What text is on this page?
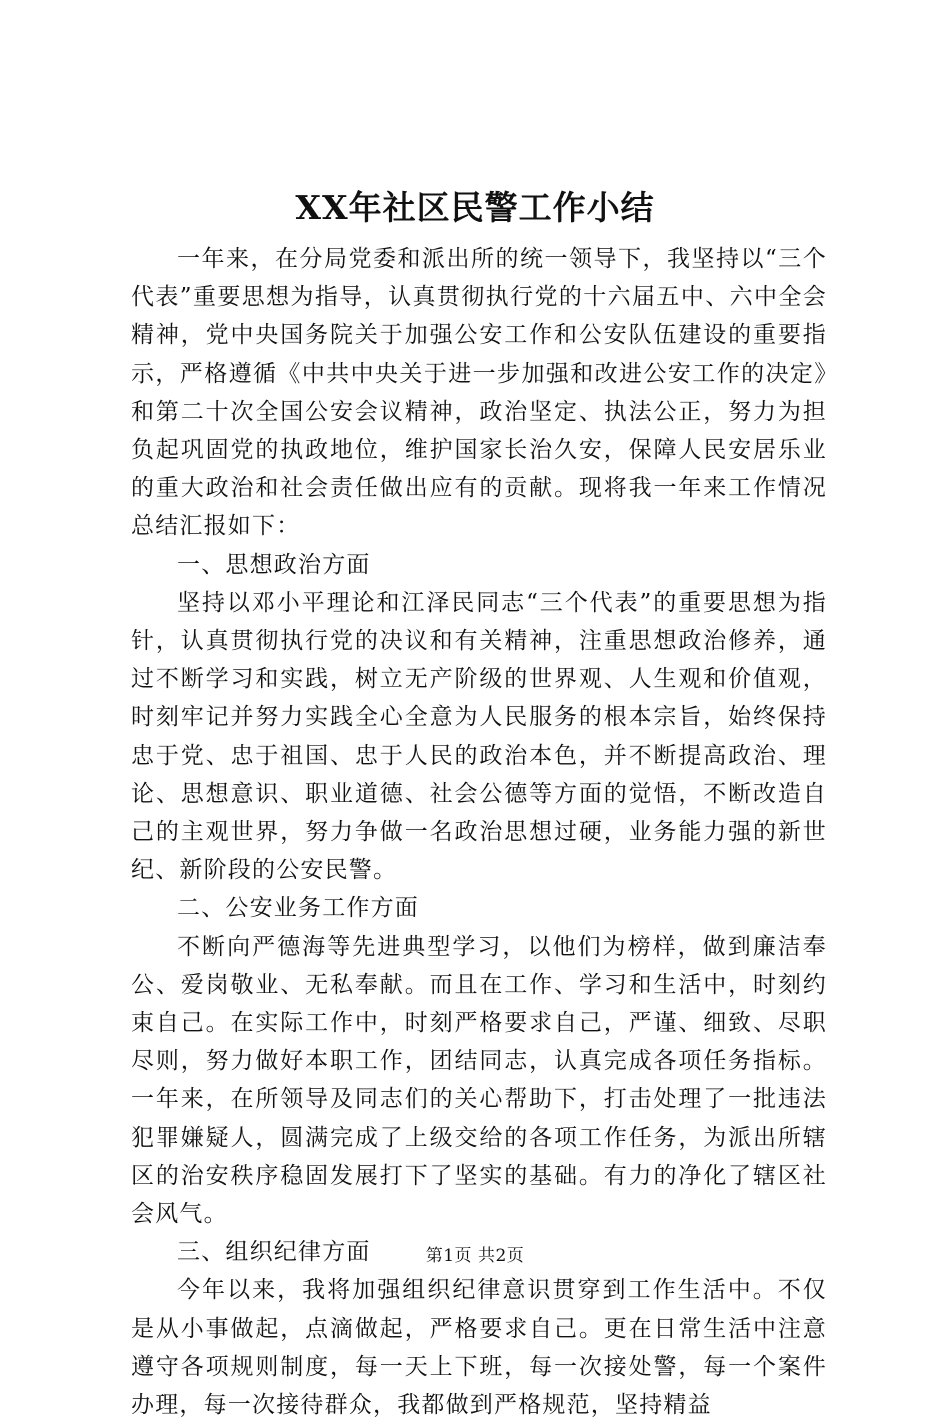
XX年社区民警工作小结

一年来，在分局党委和派出所的统一领导下，我坚持以“三个代表”重要思想为指导，认真贯彻执行党的十六届五中、六中全会精神，党中央国务院关于加强公安工作和公安队伍建设的重要指示，严格遵循《中共中央关于进一步加强和改进公安工作的决定》和第二十次全国公安会议精神，政治坚定、执法公正，努力为担负起巩固党的执政地位，维护国家长治久安，保障人民安居乐业的重大政治和社会责任做出应有的贡献。现将我一年来工作情况总结汇报如下：

一、思想政治方面

坚持以邓小平理论和江泽民同志“三个代表”的重要思想为指针，认真贯彻执行党的决议和有关精神，注重思想政治修养，通过不断学习和实践，树立无产阶级的世界观、人生观和价值观，时刻牢记并努力实践全心全意为人民服务的根本宗旨，始终保持忠于党、忠于祖国、忠于人民的政治本色，并不断提高政治、理论、思想意识、职业道德、社会公德等方面的觉悟，不断改造自己的主观世界，努力争做一名政治思想过硬，业务能力强的新世纪、新阶段的公安民警。

二、公安业务工作方面

不断向严德海等先进典型学习，以他们为榜样，做到廉洁奉公、爱岗敬业、无私奉献。而且在工作、学习和生活中，时刻约束自己。在实际工作中，时刻严格要求自己，严谨、细致、尽职尽则，努力做好本职工作，团结同志，认真完成各项任务指标。一年来，在所领导及同志们的关心帮助下，打击处理了一批违法犯罪嫌疑人，圆满完成了上级交给的各项工作任务，为派出所辖区的治安秩序稳固发展打下了坚实的基础。有力的净化了辖区社会风气。

三、组织纪律方面

今年以来，我将加强组织纪律意识贯穿到工作生活中。不仅是从小事做起，点滴做起，严格要求自己。更在日常生活中注意遵守各项规则制度，每一天上下班，每一次接处警，每一个案件办理，每一次接待群众，我都做到严格规范，坚持精益

第1页 共2页
